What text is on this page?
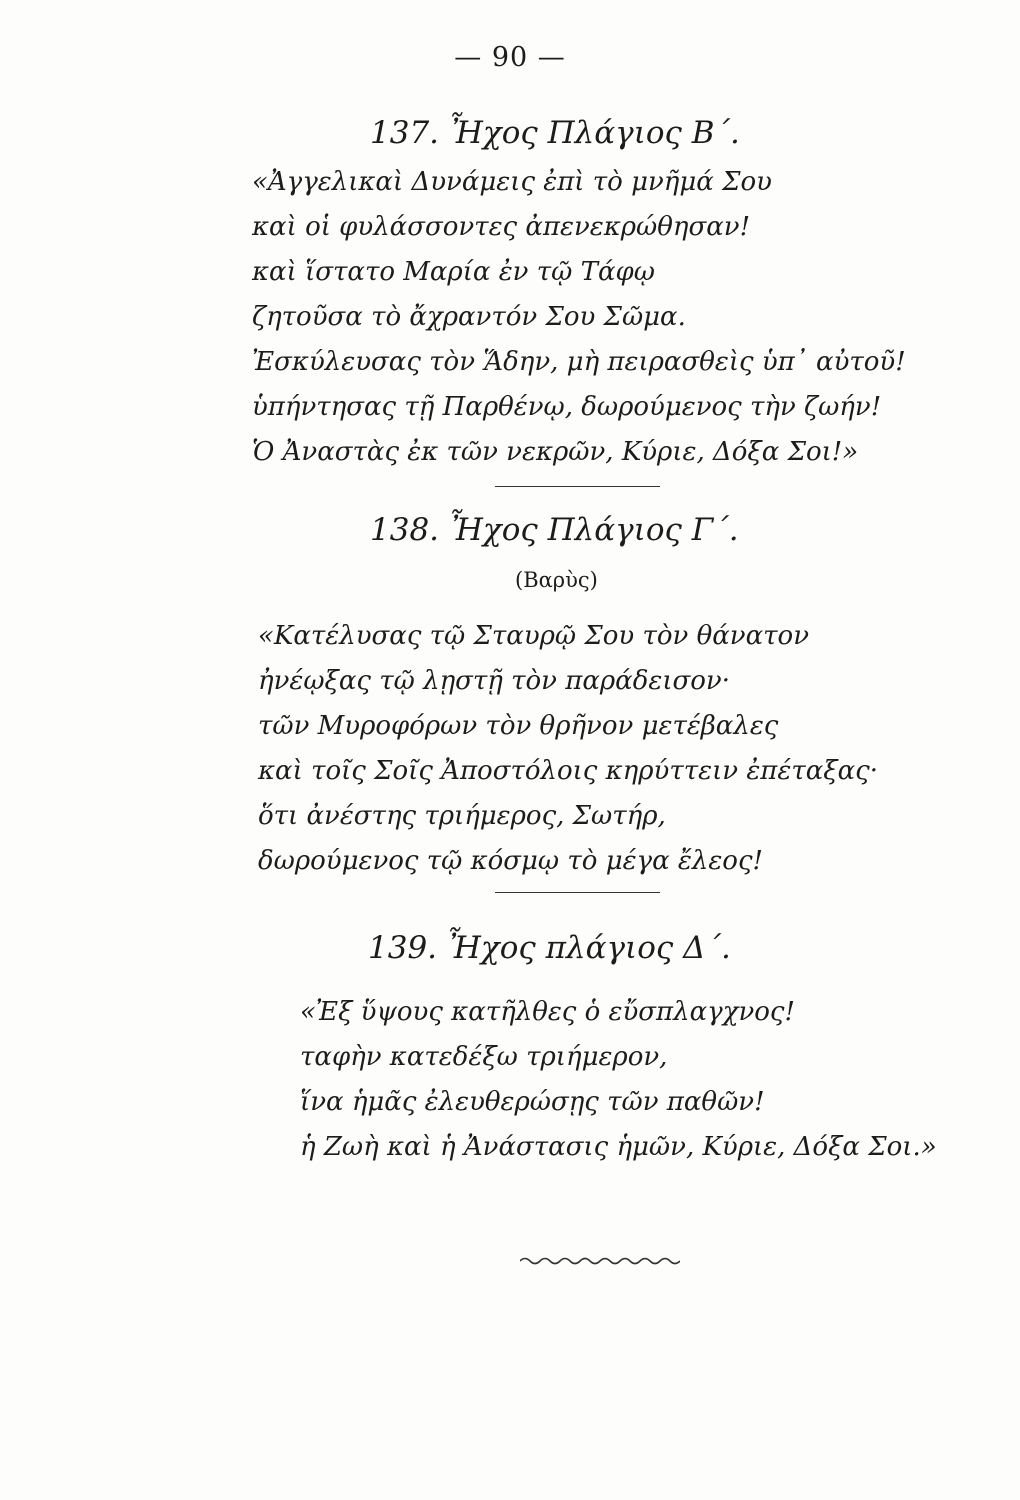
— 90 —
137. Ἦχος Πλάγιος Β΄.
«Ἀγγελικαὶ Δυνάμεις ἐπὶ τὸ μνῆμά Σου
καὶ οἱ φυλάσσοντες ἀπενεκρώθησαν!
καὶ ἵστατο Μαρία ἐν τῷ Τάφῳ
ζητοῦσα τὸ ἄχραντόν Σου Σῶμα.
Ἐσκύλευσας τὸν Ἅδην, μὴ πειρασθεὶς ὑπ᾽ αὐτοῦ!
ὑπήντησας τῇ Παρθένῳ, δωρούμενος τὴν ζωήν!
Ὁ Ἀναστὰς ἐκ τῶν νεκρῶν, Κύριε, Δόξα Σοι!»
138. Ἦχος Πλάγιος Γ΄.
(Βαρὺς)
«Κατέλυσας τῷ Σταυρῷ Σου τὸν θάνατον
ἠνέῳξας τῷ λῃστῇ τὸν παράδεισον·
τῶν Μυροφόρων τὸν θρῆνον μετέβαλες
καὶ τοῖς Σοῖς Ἀποστόλοις κηρύττειν ἐπέταξας·
ὅτι ἀνέστης τριήμερος, Σωτήρ,
δωρούμενος τῷ κόσμῳ τὸ μέγα ἔλεος!
139. Ἦχος πλάγιος Δ΄.
«Ἐξ ὕψους κατῆλθες ὁ εὔσπλαγχνος!
ταφὴν κατεδέξω τριήμερον,
ἵνα ἡμᾶς ἐλευθερώσῃς τῶν παθῶν!
ἡ Ζωὴ καὶ ἡ Ἀνάστασις ἡμῶν, Κύριε, Δόξα Σοι.»
